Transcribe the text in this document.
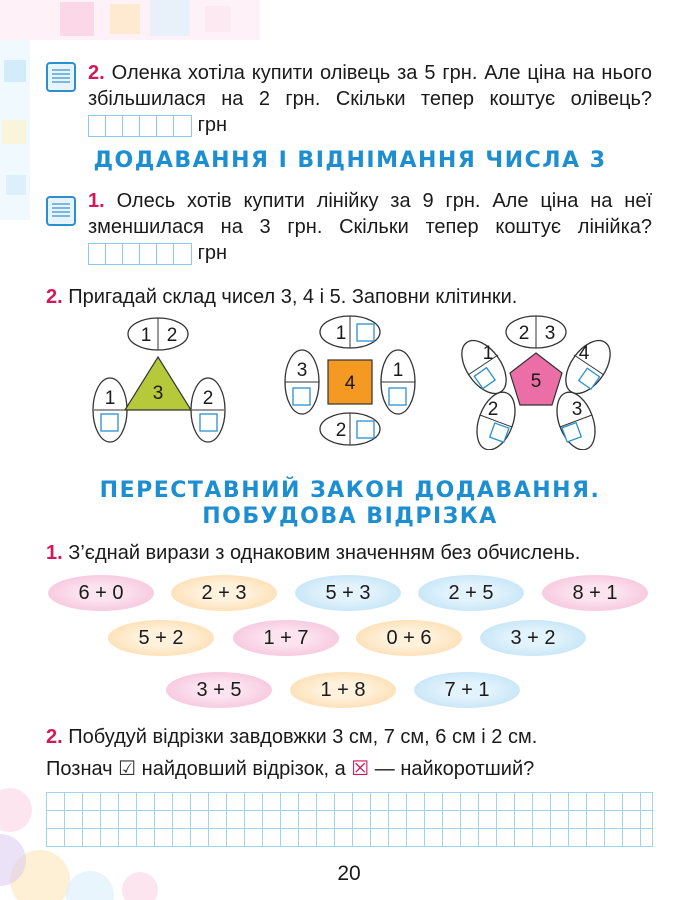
2. Оленка хотіла купити олівець за 5 грн. Але ціна на нього збільшилася на 2 грн. Скільки тепер коштує олівець?
грн
ДОДАВАННЯ І ВІДНІМАННЯ ЧИСЛА 3
1. Олесь хотів купити лінійку за 9 грн. Але ціна на неї зменшилася на 3 грн. Скільки тепер коштує лінійка?
грн
2. Пригадай склад чисел 3, 4 і 5. Заповни клітинки.
3
1 2
1	2
4
1
2
3	1
5
2 3
1	4
2	3
ПЕРЕСТАВНИЙ ЗАКОН ДОДАВАННЯ.
ПОБУДОВА ВІДРІЗКА
1. З’єднай вирази з однаковим значенням без обчислень.
6 + 0	2 + 3	5 + 3	2 + 5	8 + 1
5 + 2	1 + 7	0 + 6	3 + 2
3 + 5	1 + 8	7 + 1
2. Побудуй відрізки завдовжки 3 см, 7 см, 6 см і 2 см.
Познач ☑ найдовший відрізок, а ☒ — найкоротший?
20
